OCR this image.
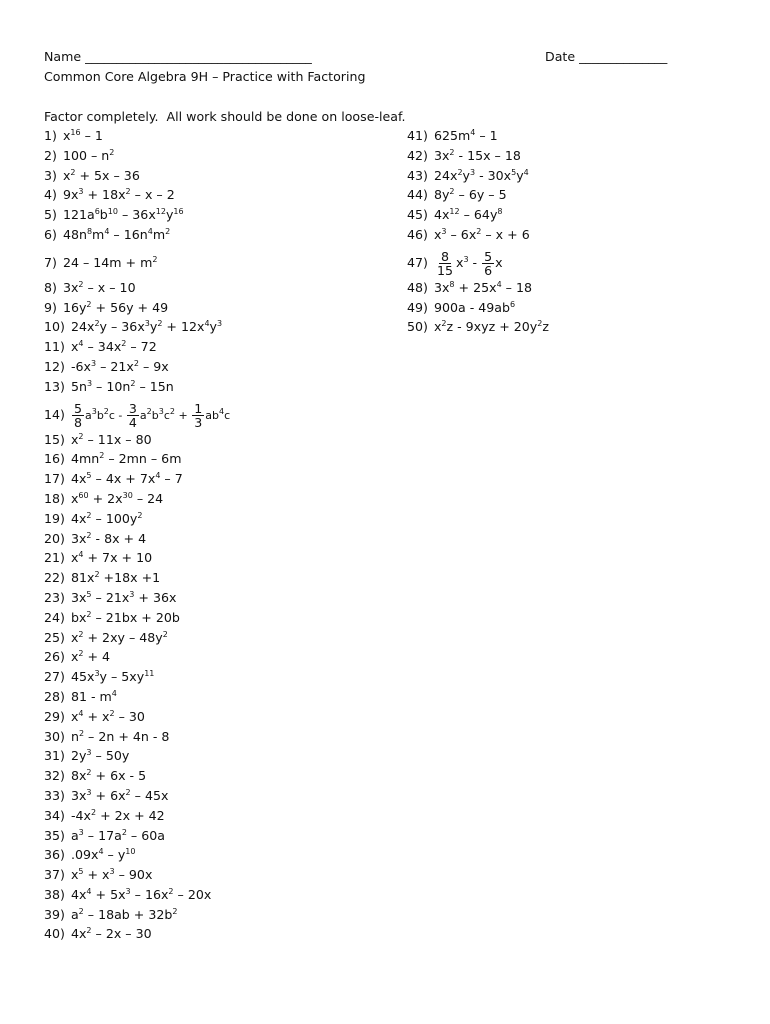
Name ____________________________________	Date ______________
Common Core Algebra 9H – Practice with Factoring
Factor completely.  All work should be done on loose-leaf.
1) $x^{16} - 1$
2) $100 - n^2$
3) $x^2 + 5x - 36$
4) $9x^3 + 18x^2 - x - 2$
5) $121a^6b^{10} - 36x^{12}y^{16}$
6) $48n^8m^4 - 16n^4m^2$
7) $24 - 14m + m^2$
8) $3x^2$ – x – 10
9) $16y^2 + 56y + 49$
10) $24x^2y - 36x^3y^2 + 12x^4y^3$
11) $x^4 - 34x^2 - 72$
12) $-6x^3 - 21x^2 - 9x$
13) $5n^3 - 10n^2 - 15n$
$14) \frac{5}{8} a^3b^2c - \frac{3}{4} a^2b^3c^2 + \frac{1}{3} ab^4c$
15) $x^2 - 11x - 80$
16) $4mn^2 - 2mn - 6m$
17) $4x^5 - 4x + 7x^4 - 7$
18) $x^{60} + 2x^{30} - 24$
19) $4x^2 - 100y^2$
20) $3x^2 - 8x + 4$
21) $x^4 + 7x + 10$
22) $81x^2 +18x +1$
23) $3x^5 - 21x^3 + 36x$
24) $bx^2 - 21bx + 20b$
25) $x^2 + 2xy - 48y^2$
26) $x^2 + 4$
27) $45x^3y - 5xy^{11}$
28) $81 - m^4$
29) $x^4 + x^2 - 30$
30) $n^2 - 2n + 4n - 8$
31) $2y^3 - 50y$
32) $8x^2 + 6x - 5$
33) $3x^3 + 6x^2 - 45x$
34) $-4x^2 + 2x + 42$
35) $a^3 - 17a^2 - 60a$
36) $.09x^4 - y^{10}$
37) $x^5 + x^3 - 90x$
38) $4x^4 + 5x^3 - 16x^2 - 20x$
39) $a^2 - 18ab + 32b^2$
40) $4x^2 - 2x - 30$
41) $625m^4 - 1$
42) $3x^2 - 15x - 18$
43) $24x^2y^3 - 30x^5y^4$
44) $8y^2 - 6y - 5$
45) $4x^{12} - 64y^8$
46) $x^3 - 6x^2 - x + 6$
$47) \frac{8}{15} x^3 - \frac{5}{6}$ x
48) $3x^8 + 25x^4 - 18$
49) $900a - 49ab^6$
50) $x^2z - 9xyz + 20y^2z$
